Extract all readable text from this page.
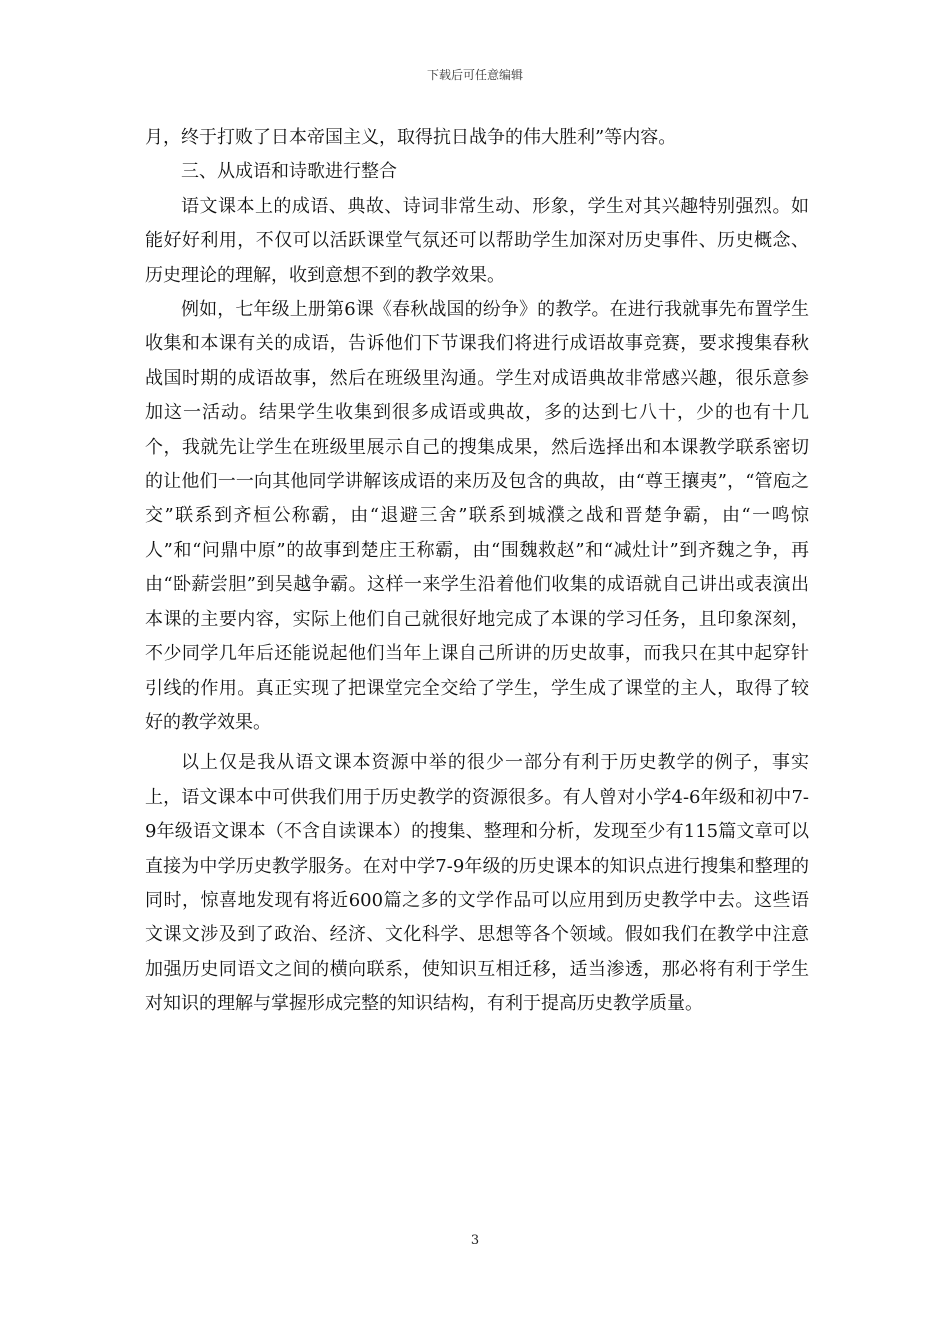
下载后可任意编辑

月，终于打败了日本帝国主义，取得抗日战争的伟大胜利”等内容。

三、从成语和诗歌进行整合

语文课本上的成语、典故、诗词非常生动、形象，学生对其兴趣特别强烈。如能好好利用，不仅可以活跃课堂气氛还可以帮助学生加深对历史事件、历史概念、历史理论的理解，收到意想不到的教学效果。

例如，七年级上册第6课《春秋战国的纷争》的教学。在进行我就事先布置学生收集和本课有关的成语，告诉他们下节课我们将进行成语故事竞赛，要求搜集春秋战国时期的成语故事，然后在班级里沟通。学生对成语典故非常感兴趣，很乐意参加这一活动。结果学生收集到很多成语或典故，多的达到七八十，少的也有十几个，我就先让学生在班级里展示自己的搜集成果，然后选择出和本课教学联系密切的让他们一一向其他同学讲解该成语的来历及包含的典故，由“尊王攘夷”，“管庖之交”联系到齐桓公称霸，由“退避三舍”联系到城濮之战和晋楚争霸，由“一鸣惊人”和“问鼎中原”的故事到楚庄王称霸，由“围魏救赵”和“减灶计”到齐魏之争，再由“卧薪尝胆”到吴越争霸。这样一来学生沿着他们收集的成语就自己讲出或表演出本课的主要内容，实际上他们自己就很好地完成了本课的学习任务，且印象深刻，不少同学几年后还能说起他们当年上课自己所讲的历史故事，而我只在其中起穿针引线的作用。真正实现了把课堂完全交给了学生，学生成了课堂的主人，取得了较好的教学效果。

以上仅是我从语文课本资源中举的很少一部分有利于历史教学的例子，事实上，语文课本中可供我们用于历史教学的资源很多。有人曾对小学4-6年级和初中7-9年级语文课本（不含自读课本）的搜集、整理和分析，发现至少有115篇文章可以直接为中学历史教学服务。在对中学7-9年级的历史课本的知识点进行搜集和整理的同时，惊喜地发现有将近600篇之多的文学作品可以应用到历史教学中去。这些语文课文涉及到了政治、经济、文化科学、思想等各个领域。假如我们在教学中注意加强历史同语文之间的横向联系，使知识互相迁移，适当渗透，那必将有利于学生对知识的理解与掌握形成完整的知识结构，有利于提高历史教学质量。

3
